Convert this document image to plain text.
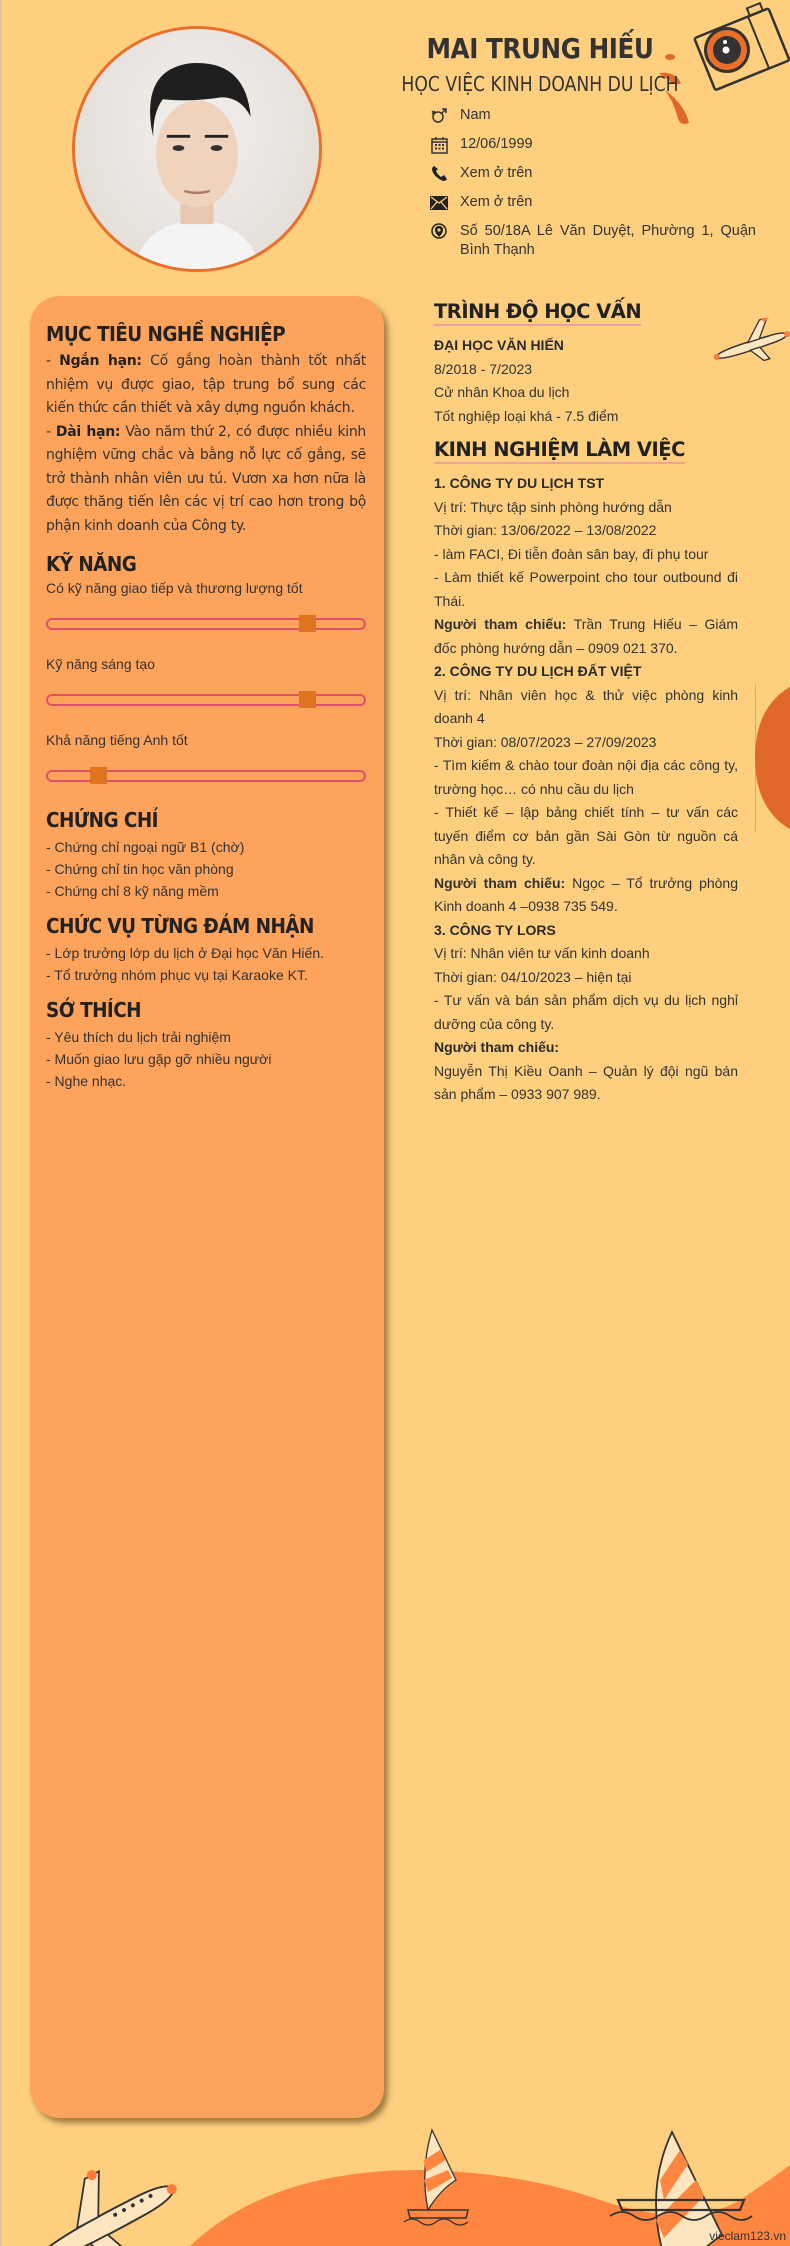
MAI TRUNG HIẾU
HỌC VIỆC KINH DOANH DU LỊCH
Nam
12/06/1999
Xem ở trên
Xem ở trên
Số 50/18A Lê Văn Duyệt, Phường 1, Quận Bình Thạnh
MỤC TIÊU NGHỀ NGHIỆP

- Ngắn hạn: Cố gắng hoàn thành tốt nhất nhiệm vụ được giao, tập trung bổ sung các kiến thức cần thiết và xây dựng nguồn khách.

- Dài hạn: Vào năm thứ 2, có được nhiều kinh nghiệm vững chắc và bằng nỗ lực cố gắng, sẽ trở thành nhân viên ưu tú. Vươn xa hơn nữa là được thăng tiến lên các vị trí cao hơn trong bộ phận kinh doanh của Công ty.

KỸ NĂNG
Có kỹ năng giao tiếp và thương lượng tốt
Kỹ năng sáng tạo
Khả năng tiếng Anh tốt
CHỨNG CHỈ
- Chứng chỉ ngoại ngữ B1 (chờ)
- Chứng chỉ tin học văn phòng
- Chứng chỉ 8 kỹ năng mềm
CHỨC VỤ TỪNG ĐẢM NHẬN
- Lớp trưởng lớp du lịch ở Đại học Văn Hiến.
- Tổ trưởng nhóm phục vụ tại Karaoke KT.
SỞ THÍCH
- Yêu thích du lịch trải nghiệm
- Muốn giao lưu gặp gỡ nhiều người
- Nghe nhạc.
TRÌNH ĐỘ HỌC VẤN
ĐẠI HỌC VĂN HIẾN
8/2018 - 7/2023
Cử nhân Khoa du lịch
Tốt nghiệp loại khá - 7.5 điểm
KINH NGHIỆM LÀM VIỆC
1. CÔNG TY DU LỊCH TST
Vị trí: Thực tập sinh phòng hướng dẫn
Thời gian: 13/06/2022 – 13/08/2022
- làm FACI, Đi tiễn đoàn sân bay, đi phụ tour
- Làm thiết kế Powerpoint cho tour outbound đi Thái.
Người tham chiếu: Trần Trung Hiếu – Giám đốc phòng hướng dẫn – 0909 021 370.
2. CÔNG TY DU LỊCH ĐẤT VIỆT
Vị trí: Nhân viên học & thử việc phòng kinh doanh 4
Thời gian: 08/07/2023 – 27/09/2023
- Tìm kiếm & chào tour đoàn nội địa các công ty, trường học… có nhu cầu du lịch
- Thiết kế – lập bảng chiết tính – tư vấn các tuyến điểm cơ bản gần Sài Gòn từ nguồn cá nhân và công ty.
Người tham chiếu: Ngọc – Tổ trưởng phòng Kinh doanh 4 –0938 735 549.
3. CÔNG TY LORS
Vị trí: Nhân viên tư vấn kinh doanh
Thời gian: 04/10/2023 – hiện tại
- Tư vấn và bán sản phẩm dịch vụ du lịch nghỉ dưỡng của công ty.
Người tham chiếu:
Nguyễn Thị Kiều Oanh – Quản lý đội ngũ bán sản phẩm – 0933 907 989.
vieclam123.vn
